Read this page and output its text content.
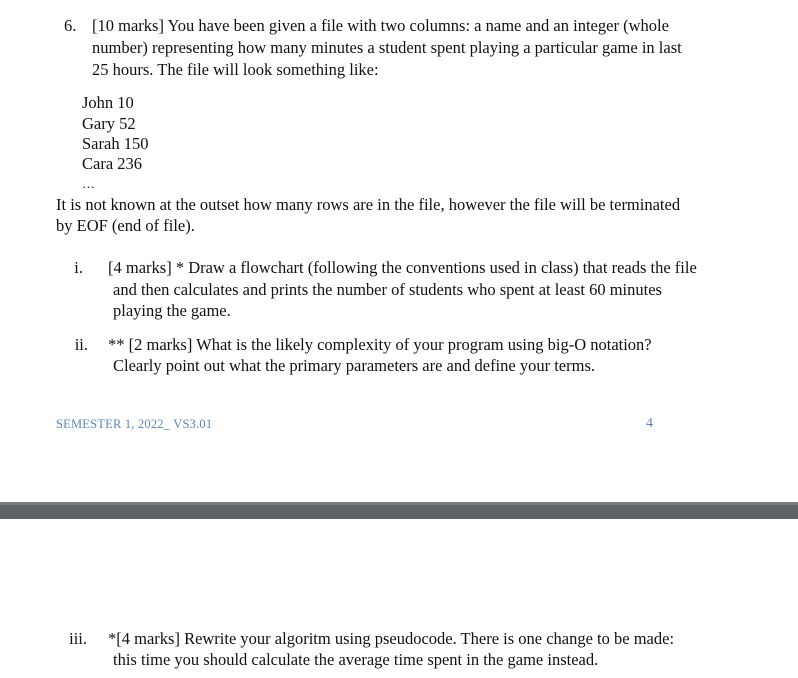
6. [10 marks] You have been given a file with two columns: a name and an integer (whole
number) representing how many minutes a student spent playing a particular game in last
25 hours. The file will look something like:
John 10
Gary 52
Sarah 150
Cara 236
…
It is not known at the outset how many rows are in the file, however the file will be terminated
by EOF (end of file).
i. [4 marks] * Draw a flowchart (following the conventions used in class) that reads the file
and then calculates and prints the number of students who spent at least 60 minutes
playing the game.
ii. ** [2 marks] What is the likely complexity of your program using big-O notation?
Clearly point out what the primary parameters are and define your terms.
SEMESTER 1, 2022_ VS3.01	4
iii. *[4 marks] Rewrite your algoritm using pseudocode. There is one change to be made:
this time you should calculate the average time spent in the game instead.
